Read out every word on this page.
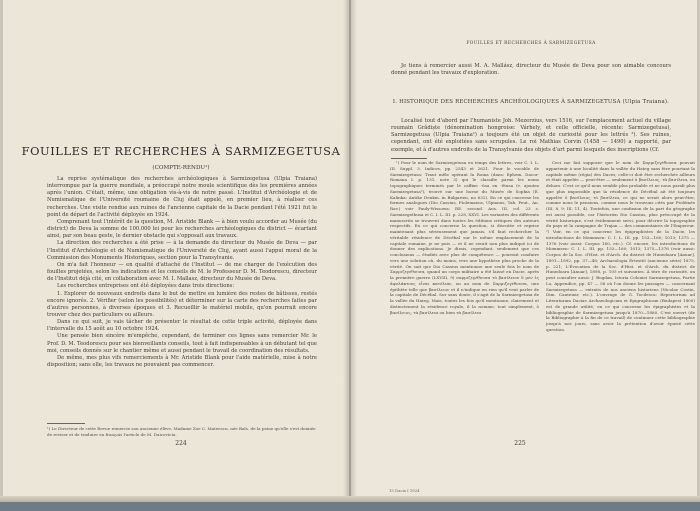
FOUILLES ET RECHERCHES À SARMIZEGETUSA
(COMPTE-RENDU¹)

La reprise systématique des recherches archéologiques à Sarmizegetusa (Ulpia Traiana) interrompue par la guerre mondiale, a préoccupé notre moule scientifique dès les premières années après l'union. C'était, même, une obligation vis-à-vis de notre passé. L'Institut d'Archéologie et de Numismatique de l'Université roumaine de Cluj était appelé, en premier lieu, à réaliser ces recherches. Une visite rendue aux ruines de l'ancienne capitale de la Dacie pendant l'été 1921 fut le point de départ de l'activité déployée en 1924.

Comprenant tout l'intérêt de la question, M. Aristide Blank — à bien voulu accorder au Musée (du district) de Deva la somme de 100.000 lei pour les recherches archéologiques du district — écartant ainsi, par son beau geste, le dernier obstacle qui s'opposait aux travaux.

La direction des recherches a été prise — à la demande du directeur du Musée de Deva — par l'Institut d'Archéologie et de Numismatique de l'Université de Cluj, ayant aussi l'appui moral de la Commission des Monuments Historiques, section pour la Transylvanie.

On m'a fait l'honneur — en qualité d'attaché de l'Institut — de me charger de l'exécution des fouilles projetées, selon les indications et les conseils de M. le Professeur D. M. Teodorescu, directeur de l'Institut déjà cité, en collaboration avec M. I. Mallasz, directeur du Musée de Deva.

Les recherches entreprises ont été déployées dans trois directions:

1. Explorer de nouveaux endroits dans le but de mettre en lumière des restes de bâtisses, restés encore ignorés. 2. Vérifier (selon les possibilités) et déterminer sur la carte des recherches faites par d'autres personnes, à diverses époques et 3. Recueillir le matériel mobile, qu'on pourrait encore trouver chez des particuliers ou ailleurs.

Dans ce qui suit, je vais tâcher de présenter le résultat de cette triple activité, déployée dans l'intervalle du 15 août au 10 octobre 1924.

Une pensée bien sincère m'empêche, cependant, de terminer ces lignes sans remercier Mr. le Prof. D. M. Teodorescu pour ses bienveillants conseils, tout à fait indispensables à un débutant tel que moi, conseils donnés sur le chantier même et aussi pendant le travail de coordination des résultats.

De même, mes plus vifs remerciements à Mr. Aristide Blank pour l'aide matérielle, mise à notre disposition; sans elle, les travaux ne pouvaient pas commencer.

¹) Le Directeur de cette Revue remercie son ancienne élève, Madame Zoe C. Mateescu, née Bals, de la peine qu'elle s'est donnée de reviser et de traduire en français l'article de M. Daicoviciu.
224
FOUILLES ET RECHERCHES À SARMIZEGETUSA

Je tiens à remercier aussi M. A. Mallász, directeur du Musée de Deva pour son aimable concours donné pendant les travaux d'exploration.

I. HISTORIQUE DES RECHERCHES ARCHÉOLOGIQUES À SARMIZEGETUSA (Ulpia Traiana).

Localisé tout d'abord par l'humaniste Joh. Mezerzius, vers 1516, sur l'emplacement actuel du village roumain Grădiște (dénomination hongroise: Várhely, et celle officielle, récente: Sarmizegetusa), Sarmizegetusa (Ulpia Traiana¹) a toujours été un objet de curiosité pour les lettrés ²). Ses ruines, cependant, ont été exploitées sans scrupules. Le roi Mathias Corvin (1458 — 1490) a rapporté, par exemple, et à d'autres endroits de la Transylvanie des objets d'art parmi lesquels des inscriptions (Cf.

¹) Pour le nom de Sarmizegetusa en temps des lettres, voir C. I. L. III. Suppl. 3. Indices, pp. 2543 et 2621. Pour le vocable de Sarmizegetusa: Traut mêle opérant la Roma (dans: Ephem. Dacor-Romana I. p. 131, note 3) qui le classifie parmi les noms topographiques terminés par le caffixe -ūsa en -ětusa (v. ajoutez Sarmizegetusa²), trouvé sur une borne du Musée de Sophia (E. Kalinka: Antike Denkm. in Bulgarien, no 632). En ce qui concerne les formes analogues (Dio Cassius, Ptolemaeus, Ulpianus, Tab. Peut., An. Rav.) voir Pauly-Wissowa: RE. second. Aus. III, col. 23 s. Sarmizegethusa et C. I. L. III. p. 228, XXVI. Les variantes des différents manuscrits se trouvent dans toutes les éditions critiques des auteurs respectifs. En ce qui concerne la question, si discutée et reprise maintenant plus sérieusement que jamais, s'il faut rechercher la véritable résidence de Décébal sur le même emplacement de la capitale romaine, je ne puis — et il ne serait non plus indiqué ici de donner des explications. Je dirais, cependant, seulement que ces conclusions — étudiés avec plus de compétence — pourrait conduire vers une solution où, du moins, vers une hypothèse plus proche de la vérité. On sait que Dio Cassius mentionne une seule fois le nom de Σαρμιζεγέθουσα, quand un corps militaire a été laissé en Dacie, après la première guerre (LXVIII, 9) σαρμιζεγέθουσα τὸ βασίλειον ὃ μὲν ἐς ἀφυλάκτους εἶναι κατέλιπε, ou au nom de Σαρμιζεγέθουσα, une épithète telle que βασίλειον et il n'indique en rien qu'il veut parler de la capitale de Décébal. Sur sans doute, il s'agit de la Sarmizegetusa de la vallée du Hațeg. Mais, toutes les fois qu'il mentionne, clairement et distinctement la résidence royale, il la nomme, tout simplement, ὁ βασίλειος, τὰ βασίλεια ou bien τὰ βασίλεια

Ceci me fait supposer que le nom de Σαρμιζεγέθουσα pouvait appartenir à une localité dans la vallée du Hațeg sans être pourtant la capitale même (régia) des Daces; celle-ci doit être recherchée ailleurs et était appelée — peut-être — seulement ὁ βασίλειος, τὰ βασίλεια, en dehors. C'est ce qu'il nous semble plus probable et ne nous paraît plus que plus impossible que la résidence de Décébal ait été toujours appelée ὁ βασίλειος τὸ βασίλεια, ce qui ne serait alors peut-être, comme nous le pensions, comme nous le trouvons cités par Ptolémée (III, 8, 9; III, 11, 4). Toutefois, une confusion de la part du géographe est aussi possible, car l'historien Dio Cassius, plus préoccupé de la vérité historique, s'est évidemment servi, pour décrire la topographie du pays et la campagne de Trajan — des commentaires de l'Empereur. ²) Voir, en ce qui concerne les épigraphistes de la Dacie, les introductions de Mommsen: C. I. L. III. pp. 153—160; 1013; 1375 — 1376 (voir aussi: Corpus 160, etc.). Cf. encore, les introductions de Mommsen: C. I. L. III. pp. 153—160; 1013; 1375—1376 (voir aussi: Corpus de la Soc. d'Hist. et d'Arch. du district de Hunedoara [Anuar], 1891—1892, pp. 37—48; Archaeologia Értesítő (ancienne série) 1875, p. 221; L'Évocation de la Soc. d'Hist. et d'Arch. du district de Hunedoara [Anuar], 1898, p. 105 et suivantes. À titre de curiosité, on peut consulter aussi: J. Bogdan, Istoria Coloniei Sarmizegetusa, Partie Lo, Appendice, pp. 47 — 56 où l'on donne les passages — concernant Sarmizegetusa — extraits de nos anciens historiens (Nicolae Costin, Dim. Cantemir, etc.). L'ouvrage de G. Tocilescu: Repertorium ad Literaturam Daciae Archaeologicam et Epigraphicam (Budapest 1800) est de grande utilité, en ce qui concerne les épigraphistes et la bibliographie de Sarmizegetusa jusqu'à 1870—1880. C'est ouvert (de la Bibliographie à la fin de ce travail) de continuer cette bibliographie jusqu'à nos jours, sans avoir la prétention d'avoir épuisé cette question.

225
15 Dacia I 1924
